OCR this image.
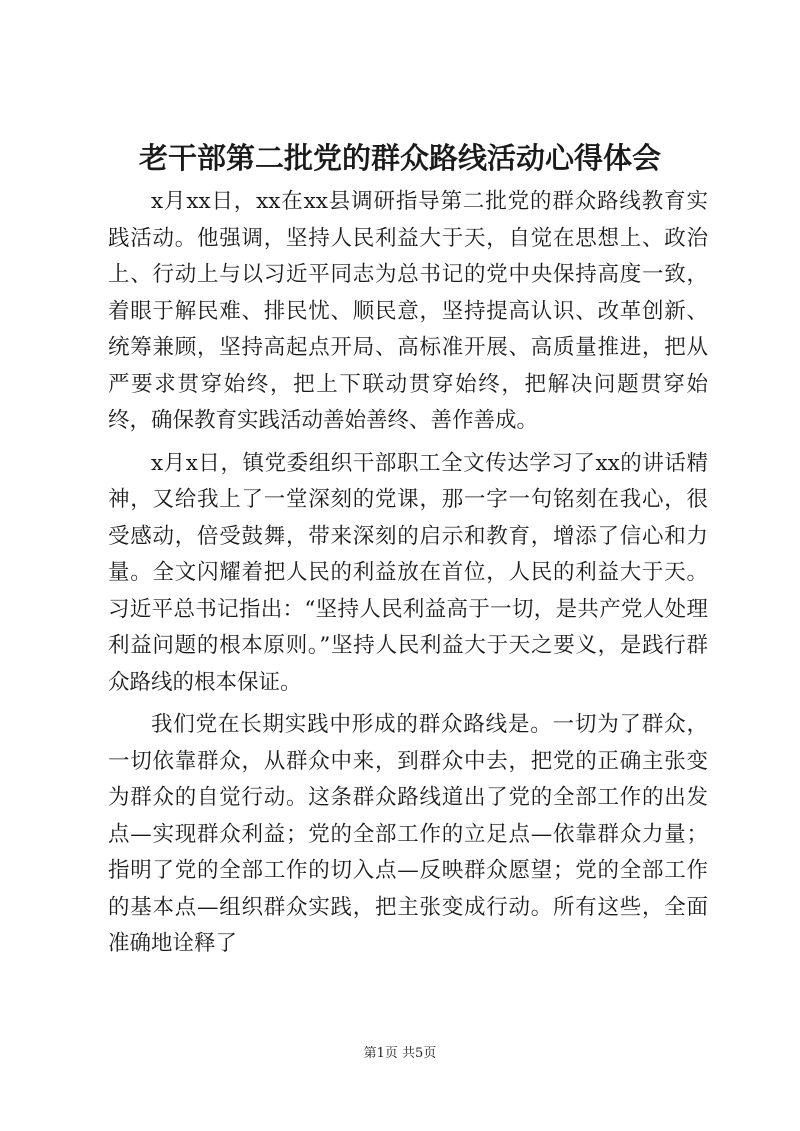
老干部第二批党的群众路线活动心得体会

x月xx日，xx在xx县调研指导第二批党的群众路线教育实践活动。他强调，坚持人民利益大于天，自觉在思想上、政治上、行动上与以习近平同志为总书记的党中央保持高度一致，着眼于解民难、排民忧、顺民意，坚持提高认识、改革创新、统筹兼顾，坚持高起点开局、高标准开展、高质量推进，把从严要求贯穿始终，把上下联动贯穿始终，把解决问题贯穿始终，确保教育实践活动善始善终、善作善成。

x月x日，镇党委组织干部职工全文传达学习了xx的讲话精神，又给我上了一堂深刻的党课，那一字一句铭刻在我心，很受感动，倍受鼓舞，带来深刻的启示和教育，增添了信心和力量。全文闪耀着把人民的利益放在首位，人民的利益大于天。习近平总书记指出：“坚持人民利益高于一切，是共产党人处理利益问题的根本原则。”坚持人民利益大于天之要义，是践行群众路线的根本保证。

我们党在长期实践中形成的群众路线是。一切为了群众，一切依靠群众，从群众中来，到群众中去，把党的正确主张变为群众的自觉行动。这条群众路线道出了党的全部工作的出发点—实现群众利益；党的全部工作的立足点—依靠群众力量；指明了党的全部工作的切入点—反映群众愿望；党的全部工作的基本点—组织群众实践，把主张变成行动。所有这些，全面准确地诠释了

第1页 共5页
